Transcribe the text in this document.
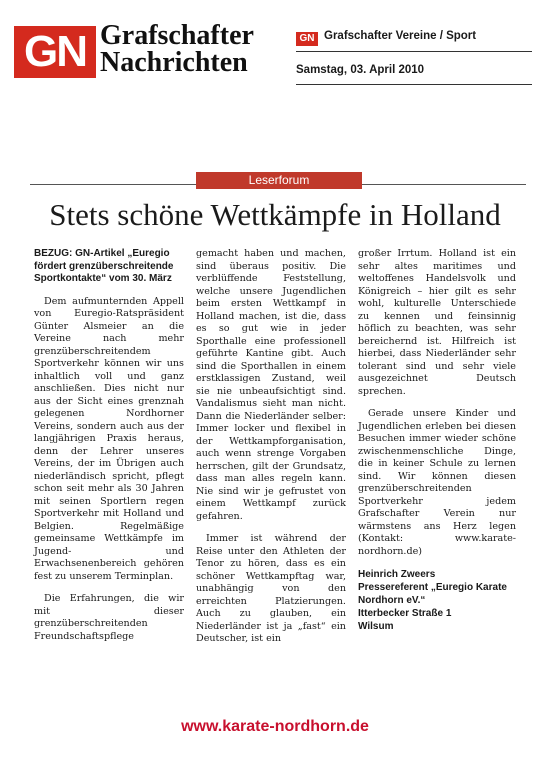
GN Grafschafter
Nachrichten
GN Grafschafter Vereine / Sport
Samstag, 03. April 2010
Leserforum
Stets schöne Wettkämpfe in Holland
BEZUG: GN-Artikel „Euregio fördert grenzüberschreitende Sportkontakte“ vom 30. März

Dem aufmunternden Appell von Euregio-Ratspräsident Günter Alsmeier an die Vereine nach mehr grenzüberschreitendem Sportverkehr können wir uns inhaltlich voll und ganz anschließen. Dies nicht nur aus der Sicht eines grenznah gelegenen Nordhorner Vereins, sondern auch aus der langjährigen Praxis heraus, denn der Lehrer unseres Vereins, der im Übrigen auch niederländisch spricht, pflegt schon seit mehr als 30 Jahren mit seinen Sportlern regen Sportverkehr mit Holland und Belgien. Regelmäßige gemeinsame Wettkämpfe im Jugend- und Erwachsenenbereich gehören fest zu unserem Terminplan.

Die Erfahrungen, die wir mit dieser grenzüberschreitenden Freundschaftspflege

gemacht haben und machen, sind überaus positiv. Die verblüffende Feststellung, welche unsere Jugendlichen beim ersten Wettkampf in Holland machen, ist die, dass es so gut wie in jeder Sporthalle eine professionell geführte Kantine gibt. Auch sind die Sporthallen in einem erstklassigen Zustand, weil sie nie unbeaufsichtigt sind. Vandalismus sieht man nicht. Dann die Niederländer selber: Immer locker und flexibel in der Wettkampforganisation, auch wenn strenge Vorgaben herrschen, gilt der Grundsatz, dass man alles regeln kann. Nie sind wir je gefrustet von einem Wettkampf zurück gefahren.

Immer ist während der Reise unter den Athleten der Tenor zu hören, dass es ein schöner Wettkampftag war, unabhängig von den erreichten Platzierungen. Auch zu glauben, ein Niederländer ist ja „fast“ ein Deutscher, ist ein

großer Irrtum. Holland ist ein sehr altes maritimes und weltoffenes Handelsvolk und Königreich – hier gilt es sehr wohl, kulturelle Unterschiede zu kennen und feinsinnig höflich zu beachten, was sehr bereichernd ist. Hilfreich ist hierbei, dass Niederländer sehr tolerant sind und sehr viele ausgezeichnet Deutsch sprechen.

Gerade unsere Kinder und Jugendlichen erleben bei diesen Besuchen immer wieder schöne zwischenmenschliche Dinge, die in keiner Schule zu lernen sind. Wir können diesen grenzüberschreitenden Sportverkehr jedem Grafschafter Verein nur wärmstens ans Herz legen (Kontakt: www.karate-nordhorn.de)

Heinrich Zweers
Pressereferent „Euregio Karate Nordhorn eV.“
Itterbecker Straße 1
Wilsum
www.karate-nordhorn.de
